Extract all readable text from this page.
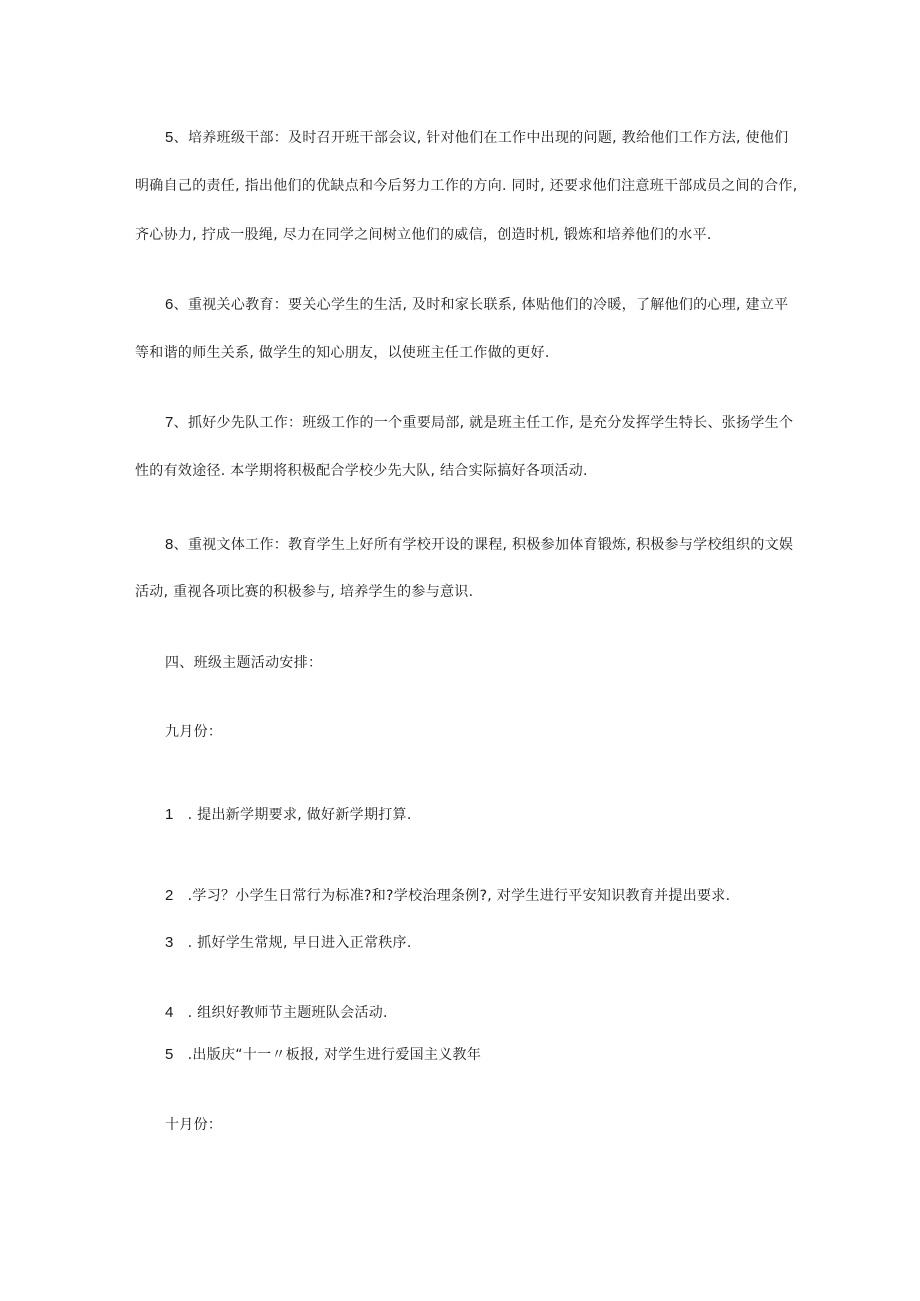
5、培养班级干部：及时召开班干部会议, 针对他们在工作中出现的问题, 教给他们工作方法, 使他们
明确自己的责任, 指出他们的优缺点和今后努力工作的方向. 同时, 还要求他们注意班干部成员之间的合作,
齐心协力, 拧成一股绳, 尽力在同学之间树立他们的威信，创造时机, 锻炼和培养他们的水平.
6、重视关心教育：要关心学生的生活, 及时和家长联系, 体贴他们的冷暖，了解他们的心理, 建立平
等和谐的师生关系, 做学生的知心朋友，以使班主任工作做的更好.
7、抓好少先队工作：班级工作的一个重要局部, 就是班主任工作, 是充分发挥学生特长、张扬学生个
性的有效途径. 本学期将积极配合学校少先大队, 结合实际搞好各项活动.
8、重视文体工作：教育学生上好所有学校开设的课程, 积极参加体育锻炼, 积极参与学校组织的文娱
活动, 重视各项比赛的积极参与, 培养学生的参与意识.
四、班级主题活动安排：
九月份：
1 . 提出新学期要求, 做好新学期打算.
2 .学习？小学生日常行为标准?和?学校治理条例?, 对学生进行平安知识教育并提出要求.
3 . 抓好学生常规, 早日进入正常秩序.
4 . 组织好教师节主题班队会活动.
5 .出版庆“十一〃板报, 对学生进行爱国主义教年
十月份：
